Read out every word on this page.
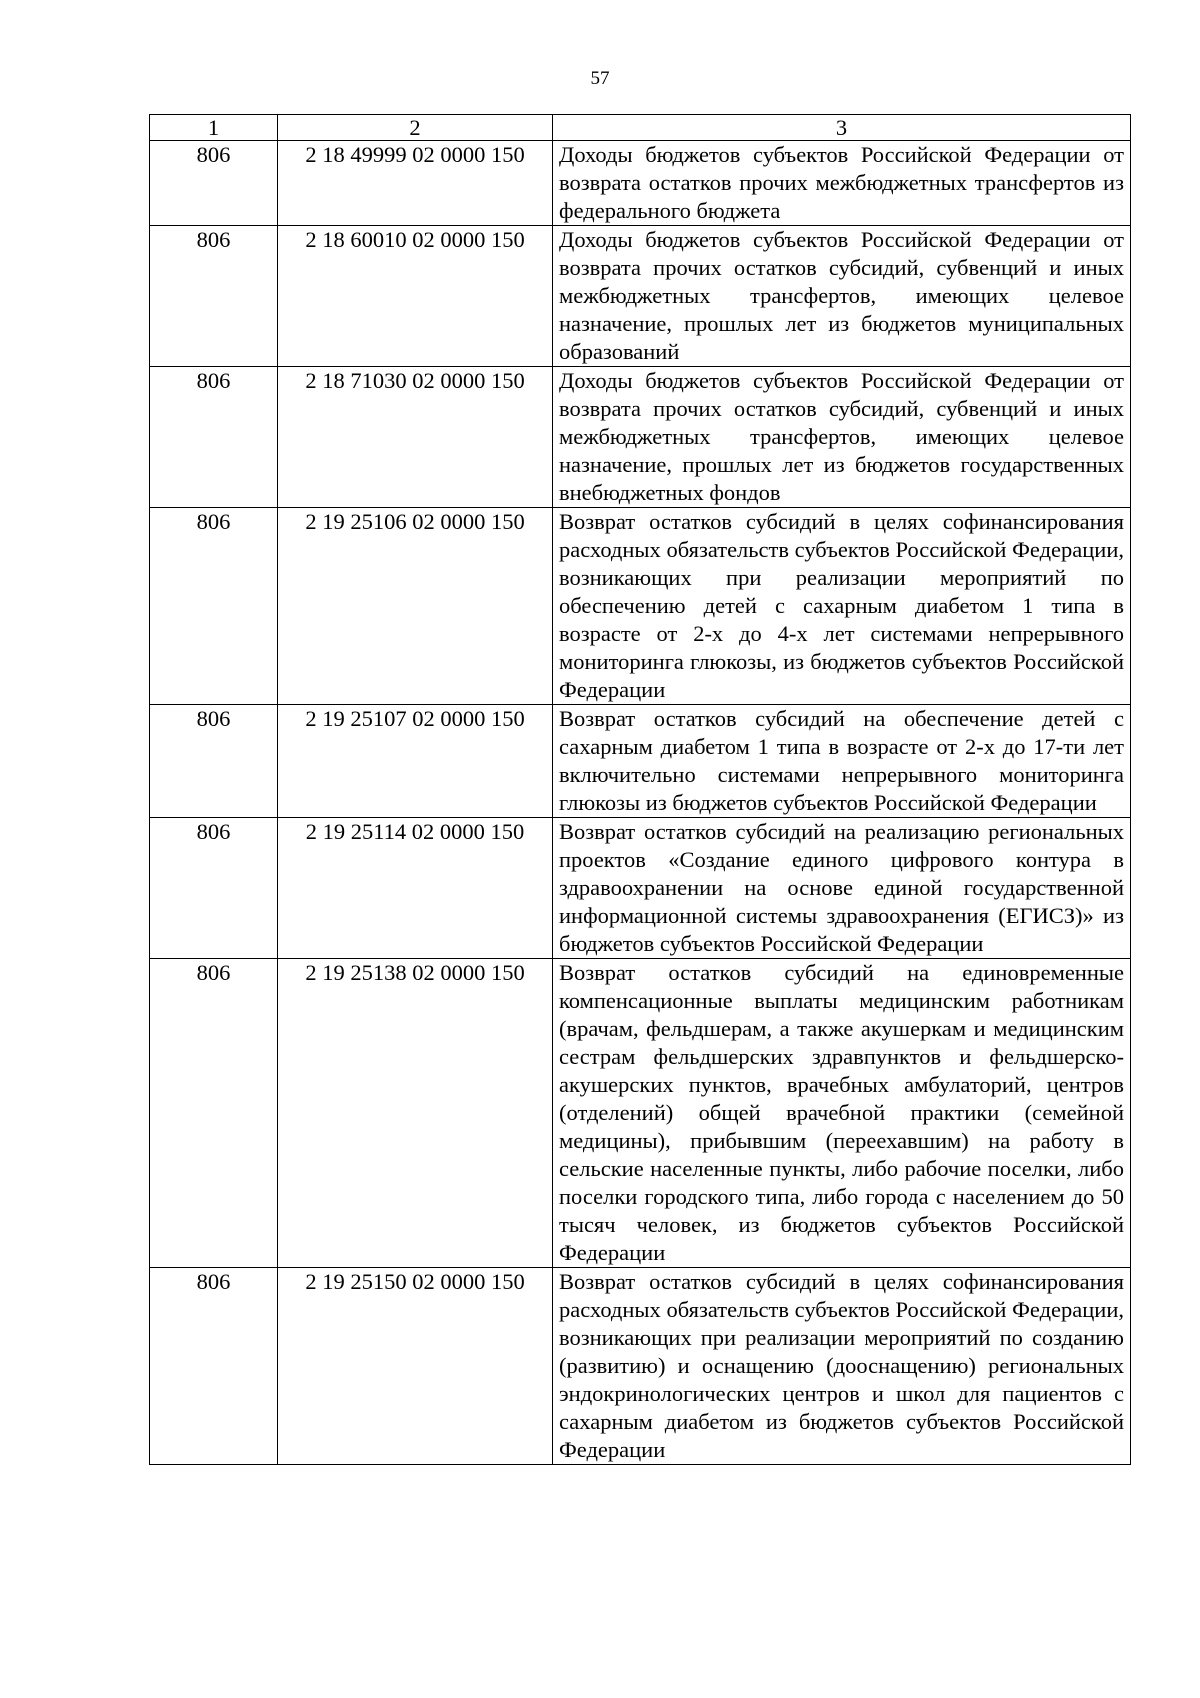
57
1	2	3
806	2 18 49999 02 0000 150	Доходы бюджетов субъектов Российской Федерации от возврата остатков прочих межбюджетных трансфертов из федерального бюджета
806	2 18 60010 02 0000 150	Доходы бюджетов субъектов Российской Федерации от возврата прочих остатков субсидий, субвенций и иных межбюджетных трансфертов, имеющих целевое назначение, прошлых лет из бюджетов муниципальных образований
806	2 18 71030 02 0000 150	Доходы бюджетов субъектов Российской Федерации от возврата прочих остатков субсидий, субвенций и иных межбюджетных трансфертов, имеющих целевое назначение, прошлых лет из бюджетов государственных внебюджетных фондов
806	2 19 25106 02 0000 150	Возврат остатков субсидий в целях софинансирования расходных обязательств субъектов Российской Федерации, возникающих при реализации мероприятий по обеспечению детей с сахарным диабетом 1 типа в возрасте от 2-х до 4-х лет системами непрерывного мониторинга глюкозы, из бюджетов субъектов Российской Федерации
806	2 19 25107 02 0000 150	Возврат остатков субсидий на обеспечение детей с сахарным диабетом 1 типа в возрасте от 2-х до 17-ти лет включительно системами непрерывного мониторинга глюкозы из бюджетов субъектов Российской Федерации
806	2 19 25114 02 0000 150	Возврат остатков субсидий на реализацию региональных проектов «Создание единого цифрового контура в здравоохранении на основе единой государственной информационной системы здравоохранения (ЕГИСЗ)» из бюджетов субъектов Российской Федерации
806	2 19 25138 02 0000 150	Возврат остатков субсидий на единовременные компенсационные выплаты медицинским работникам (врачам, фельдшерам, а также акушеркам и медицинским сестрам фельдшерских здравпунктов и фельдшерско-акушерских пунктов, врачебных амбулаторий, центров (отделений) общей врачебной практики (семейной медицины), прибывшим (переехавшим) на работу в сельские населенные пункты, либо рабочие поселки, либо поселки городского типа, либо города с населением до 50 тысяч человек, из бюджетов субъектов Российской Федерации
806	2 19 25150 02 0000 150	Возврат остатков субсидий в целях софинансирования расходных обязательств субъектов Российской Федерации, возникающих при реализации мероприятий по созданию (развитию) и оснащению (дооснащению) региональных эндокринологических центров и школ для пациентов с сахарным диабетом из бюджетов субъектов Российской Федерации
